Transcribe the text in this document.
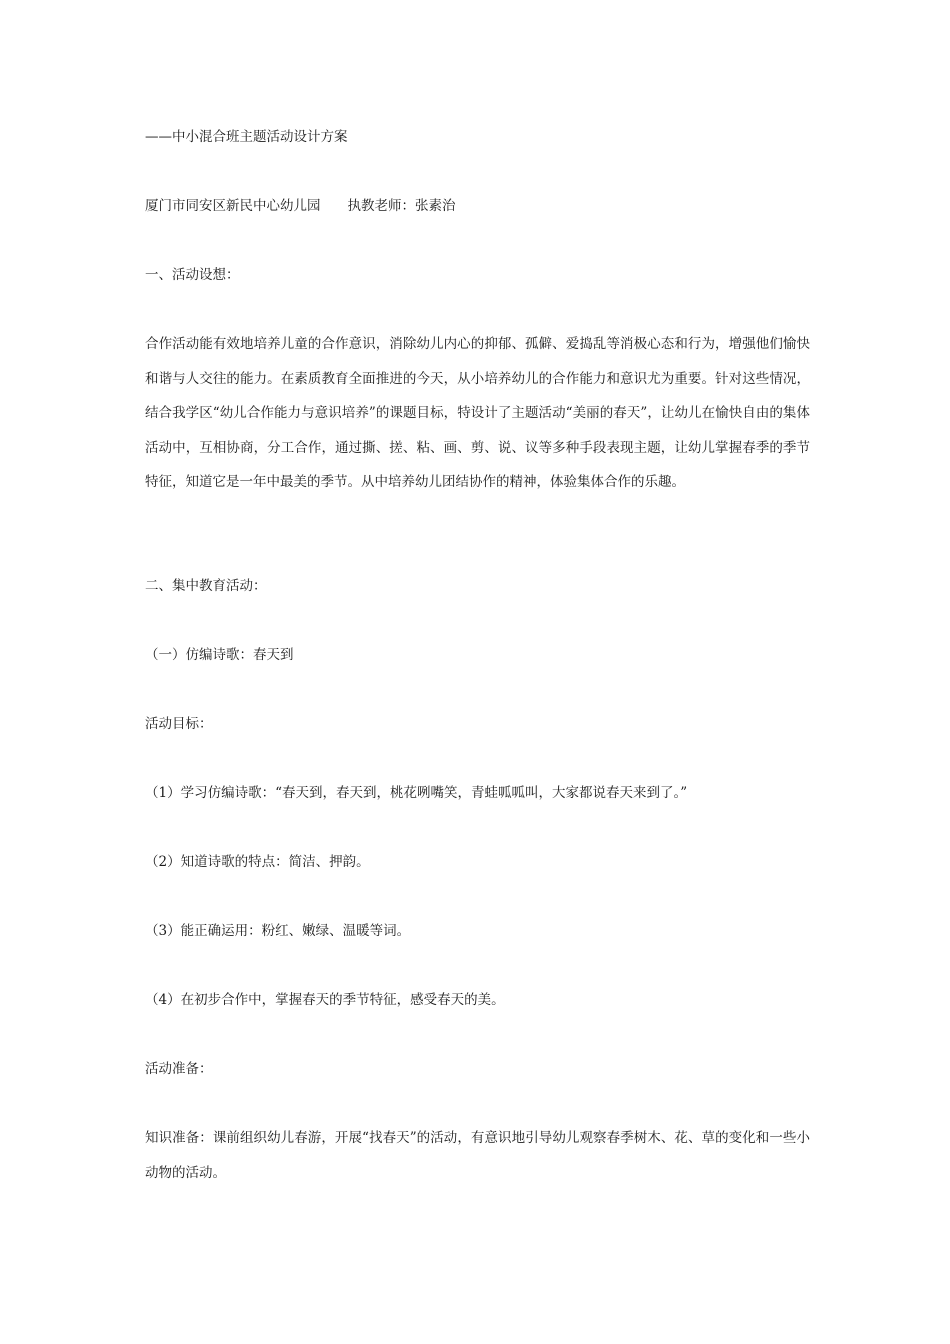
——中小混合班主题活动设计方案

厦门市同安区新民中心幼儿园　　执教老师：张素治

一、活动设想：

合作活动能有效地培养儿童的合作意识，消除幼儿内心的抑郁、孤僻、爱捣乱等消极心态和行为，增强他们愉快和谐与人交往的能力。在素质教育全面推进的今天，从小培养幼儿的合作能力和意识尤为重要。针对这些情况，结合我学区“幼儿合作能力与意识培养”的课题目标，特设计了主题活动“美丽的春天”，让幼儿在愉快自由的集体活动中，互相协商，分工合作，通过撕、搓、粘、画、剪、说、议等多种手段表现主题，让幼儿掌握春季的季节特征，知道它是一年中最美的季节。从中培养幼儿团结协作的精神，体验集体合作的乐趣。

二、集中教育活动：

（一）仿编诗歌：春天到

活动目标：

（1）学习仿编诗歌：“春天到，春天到，桃花咧嘴笑，青蛙呱呱叫，大家都说春天来到了。”

（2）知道诗歌的特点：简洁、押韵。

（3）能正确运用：粉红、嫩绿、温暖等词。

（4）在初步合作中，掌握春天的季节特征，感受春天的美。

活动准备：

知识准备：课前组织幼儿春游，开展“找春天”的活动，有意识地引导幼儿观察春季树木、花、草的变化和一些小动物的活动。
